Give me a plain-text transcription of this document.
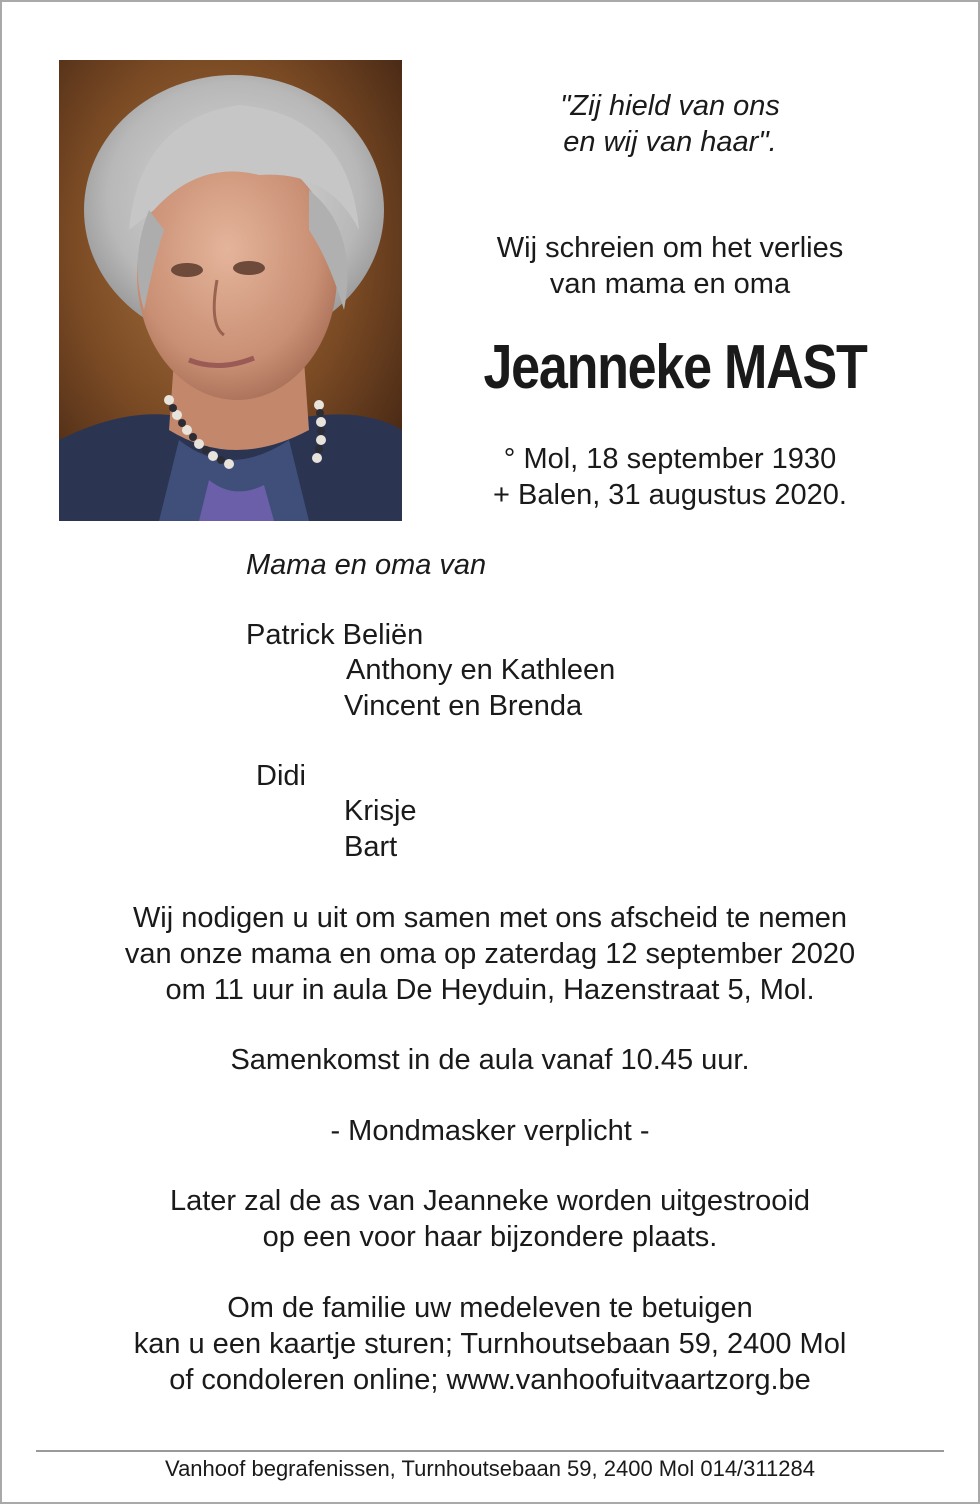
"Zij hield van ons

en wij van haar".

Wij schreien om het verlies

van mama en oma

Jeanneke MAST

° Mol, 18 september 1930

+ Balen, 31 augustus 2020.

Mama en oma van

Patrick Beliën

Anthony en Kathleen

Vincent en Brenda

Didi

Krisje

Bart

Wij nodigen u uit om samen met ons afscheid te nemen

van onze mama en oma op zaterdag 12 september 2020

om 11 uur in aula De Heyduin, Hazenstraat 5, Mol.

Samenkomst in de aula vanaf 10.45 uur.

- Mondmasker verplicht -

Later zal de as van Jeanneke worden uitgestrooid

op een voor haar bijzondere plaats.

Om de familie uw medeleven te betuigen

kan u een kaartje sturen; Turnhoutsebaan 59, 2400 Mol

of condoleren online; www.vanhoofuitvaartzorg.be

Vanhoof begrafenissen, Turnhoutsebaan 59, 2400 Mol 014/311284
